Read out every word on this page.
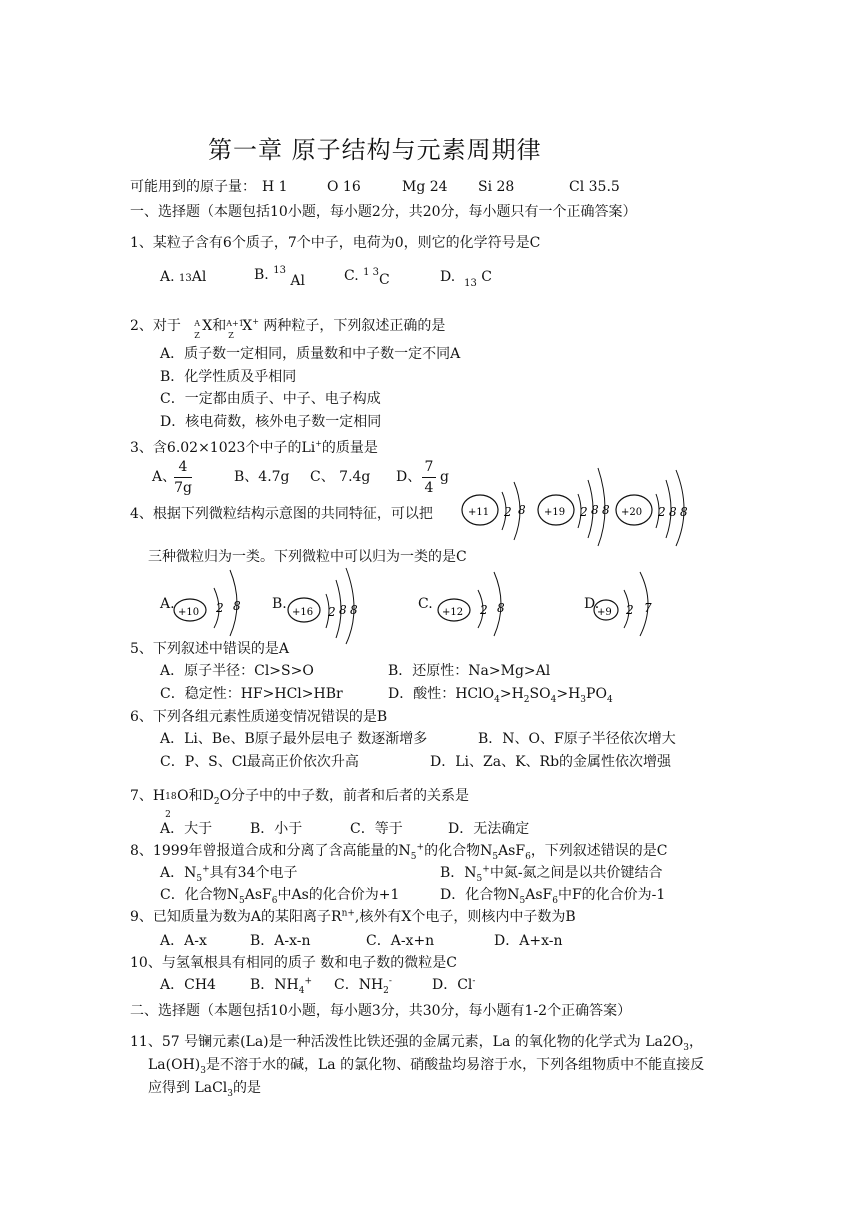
第一章 原子结构与元素周期律
可能用到的原子量： H 1	O 16	Mg 24 Si 28	Cl 35.5
一、选择题（本题包括10小题，每小题2分，共20分，每小题只有一个正确答案）
1、某粒子含有6个质子，7个中子，电荷为0，则它的化学符号是C
A. 13Al	B. $^{13}$ Al	C. $^{1 3}$C	D. $_{13}$ C
2、对于 A
Z
X和 A+1
Z
X+ 两种粒子，下列叙述正确的是
A．质子数一定相同，质量数和中子数一定不同A
B．化学性质及乎相同
C．一定都由质子、中子、电子构成
D．核电荷数，核外电子数一定相同
3、含6.02×1023个中子的Li+的质量是
A、
4
7g
B、4.7g C、 7.4g D、
7
4
g
4、根据下列微粒结构示意图的共同特征，可以把	+11 2 8 +19 2 8 8 +20 2 8 8
三种微粒归为一类。下列微粒中可以归为一类的是C
A.
+10 2 8 B.
+16 2 8 8	C.
+12 2 8	D.
+9 2 7
5、下列叙述中错误的是A
A．原子半径：Cl>S>O	B．还原性：Na>Mg>Al
C．稳定性：HF>HCl>HBr	D．酸性：$HClO_4>H_2SO_4>H_3PO_4$
6、下列各组元素性质递变情况错误的是B
A．Li、Be、B原子最外层电子 数逐渐增多	B．N、O、F原子半径依次增大
C．P、S、Cl最高正价依次升高	D．Li、Za、K、Rb的金属性依次增强
7、H 18
2
O和$D_2O$分子中的中子数，前者和后者的关系是
A．大于	B．小于	C．等于	D．无法确定
8、1999年曾报道合成和分离了含高能量的$N_5^+$的化合物$N_5AsF_6$，下列叙述错误的是C
A．$N_5^+$具有34个电子	B．$N_5^+$中氮-氮之间是以共价键结合
C．化合物$N_5AsF_6$中As的化合价为+1	D．化合物$N_5AsF_6$中F的化合价为-1
9、已知质量为数为A的某阳离子$R^{n+}$,核外有X个电子，则核内中子数为B
A．A-x	B．A-x-n	C．A-x+n	D．A+x-n
10、与氢氧根具有相同的质子 数和电子数的微粒是C
A．CH4 B．$NH_4^+$ C．$NH_2^-$	D．Cl-
二、选择题（本题包括10小题，每小题3分，共30分，每小题有1-2个正确答案）
11、57 号镧元素(La)是一种活泼性比铁还强的金属元素，La 的氧化物的化学式为 $La2O_3$，
$La(OH)_3$是不溶于水的碱，La 的氯化物、硝酸盐均易溶于水，下列各组物质中不能直接反
应得到 LaCl$_3$的是
